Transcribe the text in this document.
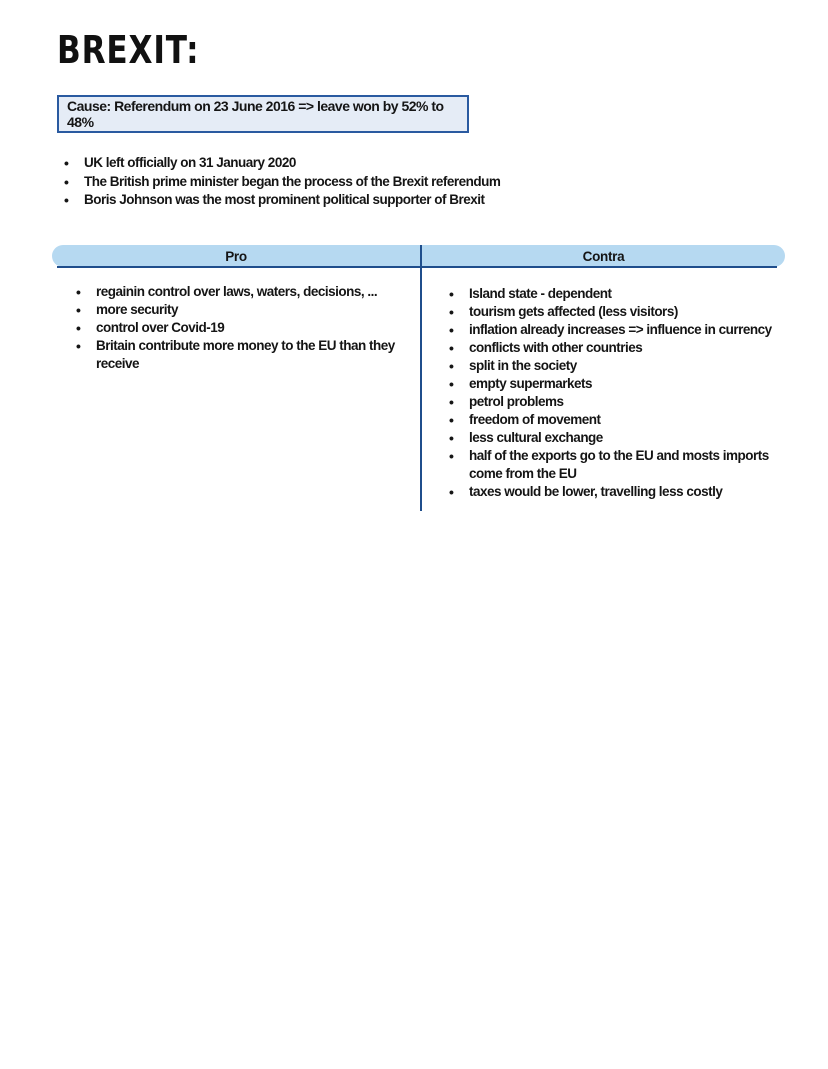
BREXIT:
Cause: Referendum on 23 June 2016 => leave won by 52% to 48%
• UK left officially on 31 January 2020
• The British prime minister began the process of the Brexit referendum
• Boris Johnson was the most prominent political supporter of Brexit
Pro	Contra
• regainin control over laws, waters, decisions, ...
• more security
• control over Covid-19
• Britain contribute more money to the EU than they receive
• Island state - dependent
• tourism gets affected (less visitors)
• inflation already increases => influence in currency
• conflicts with other countries
• split in the society
• empty supermarkets
• petrol problems
• freedom of movement
• less cultural exchange
• half of the exports go to the EU and mosts imports come from the EU
• taxes would be lower, travelling less costly
